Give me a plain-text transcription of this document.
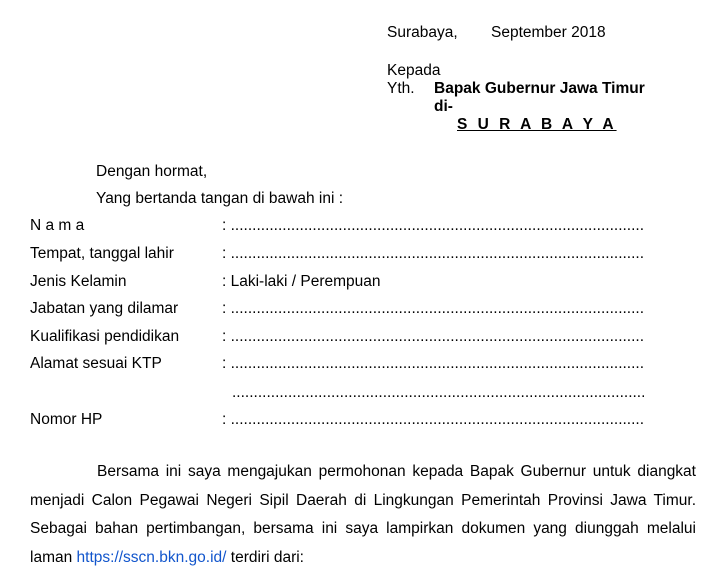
Surabaya, September 2018
Kepada
Yth. Bapak Gubernur Jawa Timur
di-
S U R A B A Y A
Dengan hormat,
Yang bertanda tangan di bawah ini :
N a m a	: ................................................................................................
Tempat, tanggal lahir	: ................................................................................................
Jenis Kelamin	: Laki-laki / Perempuan
Jabatan yang dilamar	: ................................................................................................
Kualifikasi pendidikan	: ................................................................................................
Alamat sesuai KTP	: ................................................................................................
................................................................................................
Nomor HP	: ................................................................................................
Bersama ini saya mengajukan permohonan kepada Bapak Gubernur untuk diangkat menjadi Calon Pegawai Negeri Sipil Daerah di Lingkungan Pemerintah Provinsi Jawa Timur. Sebagai bahan pertimbangan, bersama ini saya lampirkan dokumen yang diunggah melalui laman https://sscn.bkn.go.id/ terdiri dari:
